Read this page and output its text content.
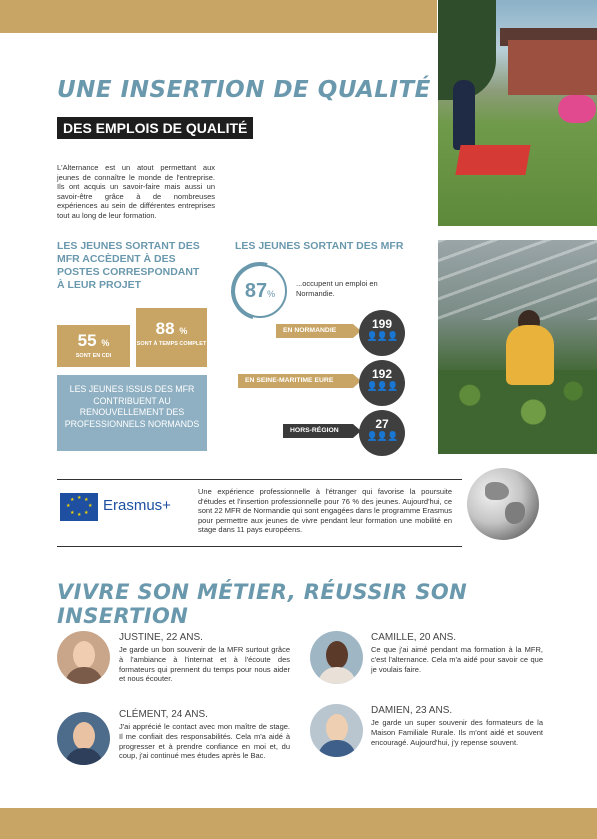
UNE INSERTION DE QUALITÉ
DES EMPLOIS DE QUALITÉ

L'Alternance est un atout permettant aux jeunes de connaître le monde de l'entreprise. Ils ont acquis un savoir-faire mais aussi un savoir-être grâce à de nombreuses expériences au sein de différentes entreprises tout au long de leur formation.

LES JEUNES SORTANT DES MFR ACCÈDENT À DES POSTES CORRESPONDANT À LEUR PROJET
LES JEUNES SORTANT DES MFR
55 %
SONT EN CDI
88 %
SONT À TEMPS COMPLET
LES JEUNES ISSUS DES MFR CONTRIBUENT AU RENOUVELLEMENT DES PROFESSIONNELS NORMANDS
87%
...occupent un emploi en Normandie.
EN NORMANDIE	199
👤👤👤
EN SEINE-MARITIME EURE	192
👤👤👤
HORS-RÉGION	27
👤👤👤
★ ★
★
★
★
★
★
★ Erasmus+

Une expérience professionnelle à l'étranger qui favorise la poursuite d'études et l'insertion professionnelle pour 76 % des jeunes. Aujourd'hui, ce sont 22 MFR de Normandie qui sont engagées dans le programme Erasmus pour permettre aux jeunes de vivre pendant leur formation une mobilité en stage dans 11 pays européens.

VIVRE SON MÉTIER, RÉUSSIR SON INSERTION
JUSTINE, 22 ANS.

Je garde un bon souvenir de la MFR surtout grâce à l'ambiance à l'internat et à l'écoute des formateurs qui prennent du temps pour nous aider et nous écouter.

CAMILLE, 20 ANS.

Ce que j'ai aimé pendant ma formation à la MFR, c'est l'alternance. Cela m'a aidé pour savoir ce que je voulais faire.

CLÉMENT, 24 ANS.

J'ai apprécié le contact avec mon maître de stage. Il me confiait des responsabilités. Cela m'a aidé à progresser et à prendre confiance en moi et, du coup, j'ai continué mes études après le Bac.

DAMIEN, 23 ANS.

Je garde un super souvenir des formateurs de la Maison Familiale Rurale. Ils m'ont aidé et souvent encouragé. Aujourd'hui, j'y repense souvent.
